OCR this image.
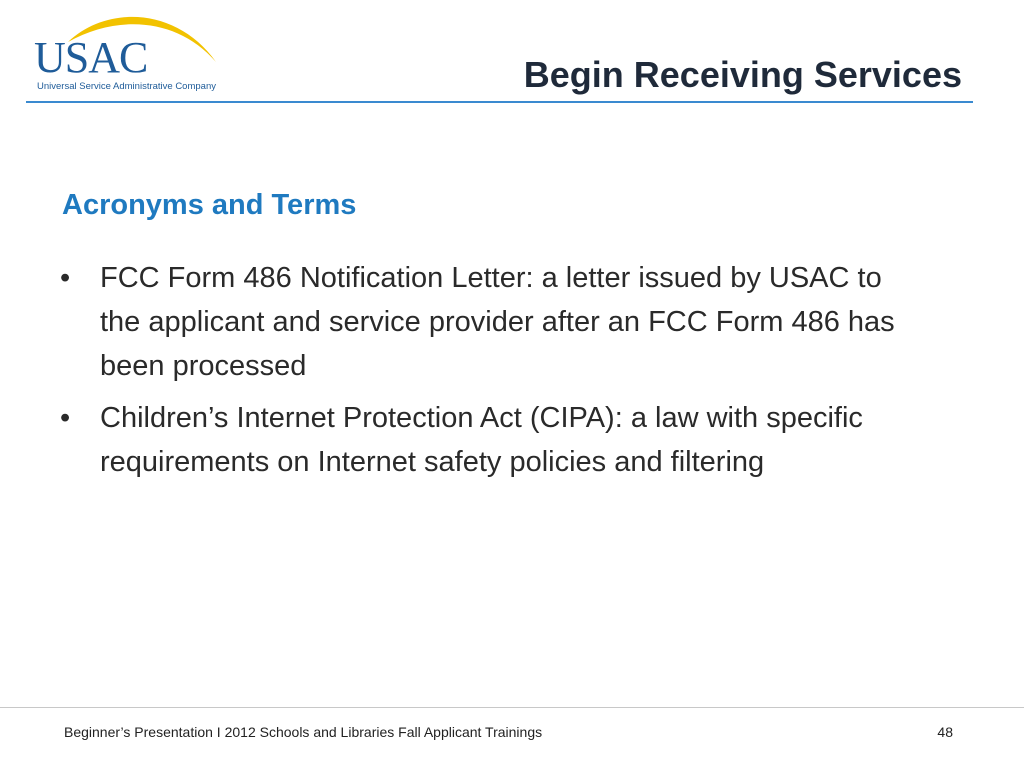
USAC
Universal Service Administrative Company	Begin Receiving Services
Acronyms and Terms
• FCC Form 486 Notification Letter: a letter issued by USAC to the applicant and service provider after an FCC Form 486 has been processed
• Children’s Internet Protection Act (CIPA): a law with specific requirements on Internet safety policies and filtering
Beginner’s Presentation I 2012 Schools and Libraries Fall Applicant Trainings	48
